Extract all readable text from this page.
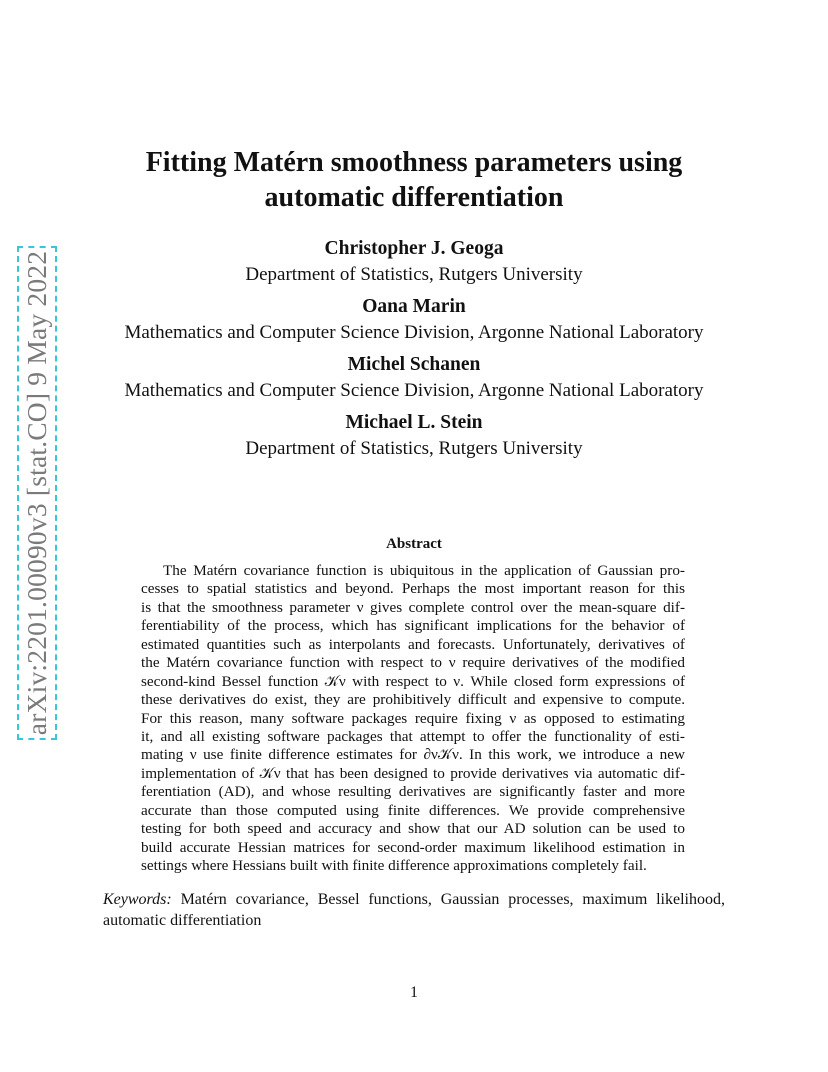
arXiv:2201.00090v3 [stat.CO] 9 May 2022
Fitting Matérn smoothness parameters using
automatic differentiation
Christopher J. Geoga
Department of Statistics, Rutgers University
Oana Marin
Mathematics and Computer Science Division, Argonne National Laboratory
Michel Schanen
Mathematics and Computer Science Division, Argonne National Laboratory
Michael L. Stein
Department of Statistics, Rutgers University
Abstract
The Matérn covariance function is ubiquitous in the application of Gaussian pro-
cesses to spatial statistics and beyond. Perhaps the most important reason for this
is that the smoothness parameter ν gives complete control over the mean-square dif-
ferentiability of the process, which has significant implications for the behavior of
estimated quantities such as interpolants and forecasts. Unfortunately, derivatives of
the Matérn covariance function with respect to ν require derivatives of the modified
second-kind Bessel function 𝒦ν with respect to ν. While closed form expressions of
these derivatives do exist, they are prohibitively difficult and expensive to compute.
For this reason, many software packages require fixing ν as opposed to estimating
it, and all existing software packages that attempt to offer the functionality of esti-
mating ν use finite difference estimates for ∂ν𝒦ν. In this work, we introduce a new
implementation of 𝒦ν that has been designed to provide derivatives via automatic dif-
ferentiation (AD), and whose resulting derivatives are significantly faster and more
accurate than those computed using finite differences. We provide comprehensive
testing for both speed and accuracy and show that our AD solution can be used to
build accurate Hessian matrices for second-order maximum likelihood estimation in
settings where Hessians built with finite difference approximations completely fail.
Keywords: Matérn covariance, Bessel functions, Gaussian processes, maximum likelihood,
automatic differentiation
1
